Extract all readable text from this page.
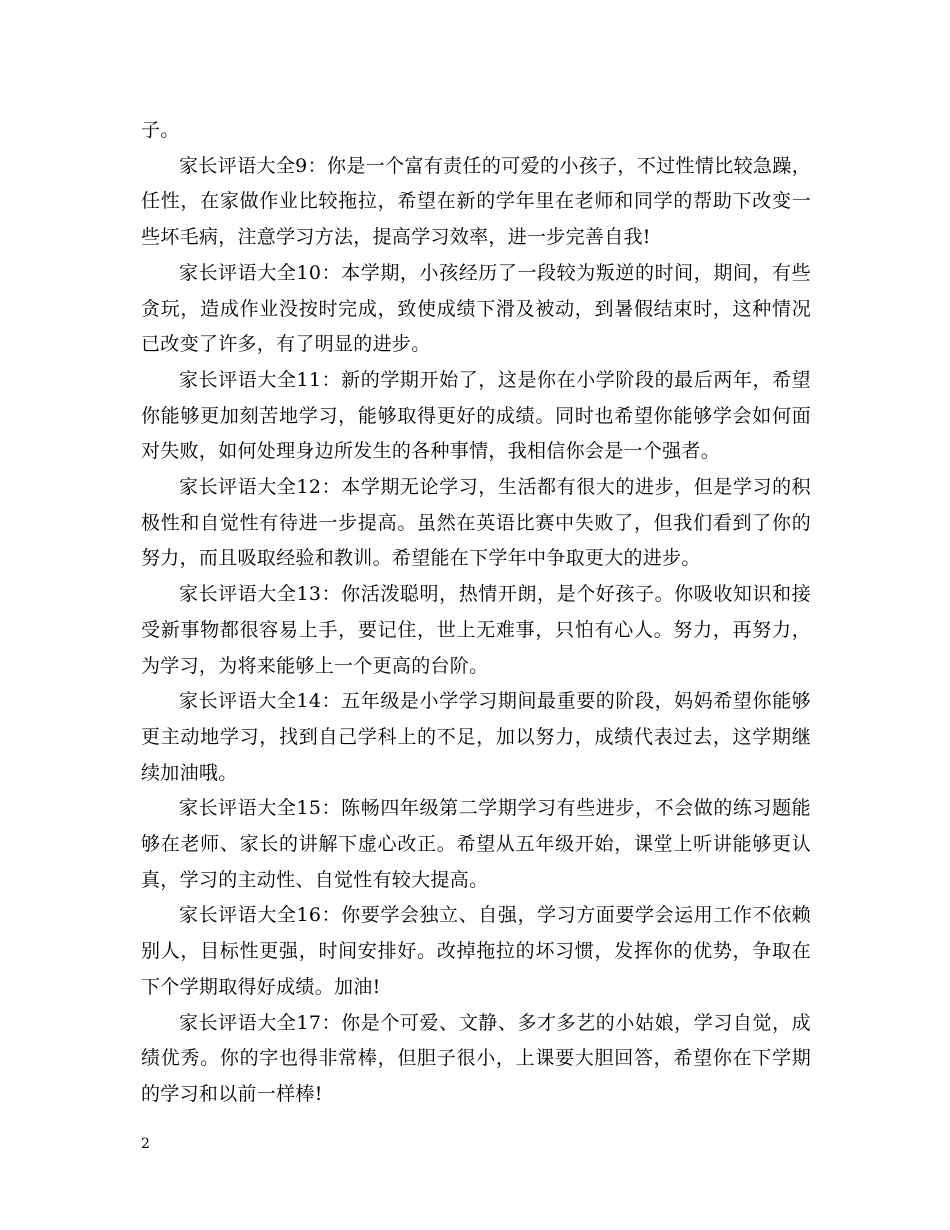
子。

家长评语大全9：你是一个富有责任的可爱的小孩子，不过性情比较急躁，任性，在家做作业比较拖拉，希望在新的学年里在老师和同学的帮助下改变一些坏毛病，注意学习方法，提高学习效率，进一步完善自我!

家长评语大全10：本学期，小孩经历了一段较为叛逆的时间，期间，有些贪玩，造成作业没按时完成，致使成绩下滑及被动，到暑假结束时，这种情况已改变了许多，有了明显的进步。

家长评语大全11：新的学期开始了，这是你在小学阶段的最后两年，希望你能够更加刻苦地学习，能够取得更好的成绩。同时也希望你能够学会如何面对失败，如何处理身边所发生的各种事情，我相信你会是一个强者。

家长评语大全12：本学期无论学习，生活都有很大的进步，但是学习的积极性和自觉性有待进一步提高。虽然在英语比赛中失败了，但我们看到了你的努力，而且吸取经验和教训。希望能在下学年中争取更大的进步。

家长评语大全13：你活泼聪明，热情开朗，是个好孩子。你吸收知识和接受新事物都很容易上手，要记住，世上无难事，只怕有心人。努力，再努力，为学习，为将来能够上一个更高的台阶。

家长评语大全14：五年级是小学学习期间最重要的阶段，妈妈希望你能够更主动地学习，找到自己学科上的不足，加以努力，成绩代表过去，这学期继续加油哦。

家长评语大全15：陈畅四年级第二学期学习有些进步，不会做的练习题能够在老师、家长的讲解下虚心改正。希望从五年级开始，课堂上听讲能够更认真，学习的主动性、自觉性有较大提高。

家长评语大全16：你要学会独立、自强，学习方面要学会运用工作不依赖别人，目标性更强，时间安排好。改掉拖拉的坏习惯，发挥你的优势，争取在下个学期取得好成绩。加油!

家长评语大全17：你是个可爱、文静、多才多艺的小姑娘，学习自觉，成绩优秀。你的字也得非常棒，但胆子很小，上课要大胆回答，希望你在下学期的学习和以前一样棒!

2
